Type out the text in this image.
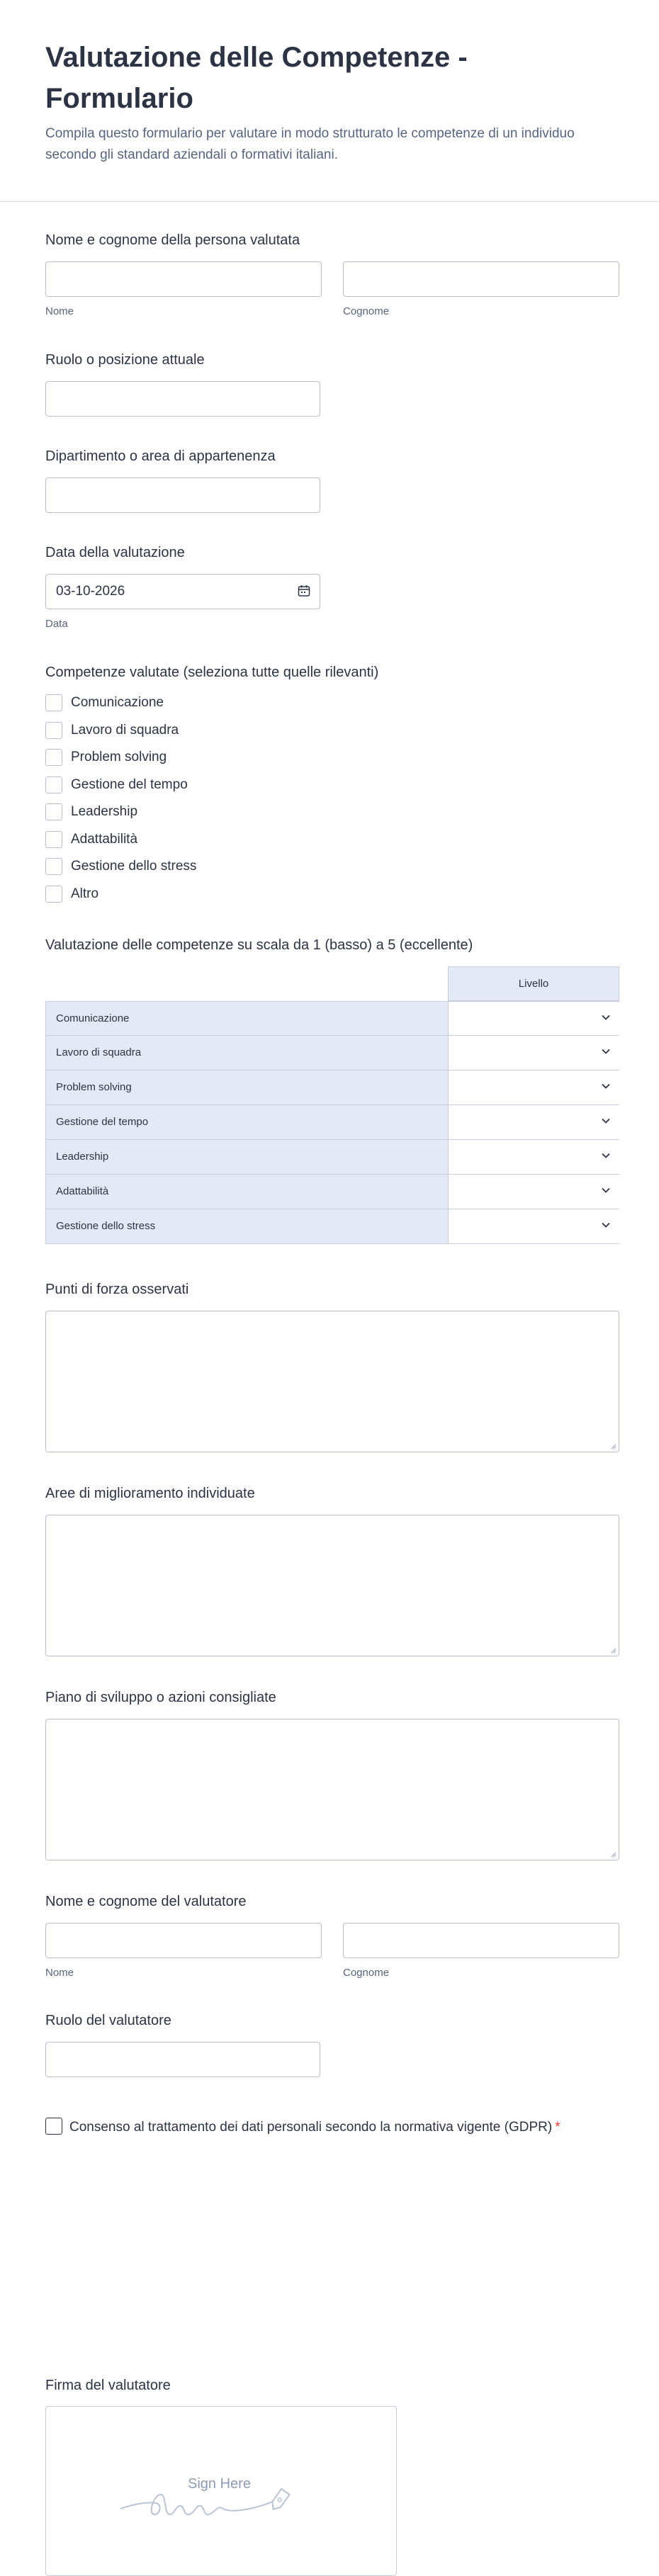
Valutazione delle Competenze - Formulario

Compila questo formulario per valutare in modo strutturato le competenze di un individuo secondo gli standard aziendali o formativi italiani.

Nome e cognome della persona valutata
Nome	Cognome
Ruolo o posizione attuale
Dipartimento o area di appartenenza
Data della valutazione
03-10-2026
Data
Competenze valutate (seleziona tutte quelle rilevanti)
Comunicazione
Lavoro di squadra
Problem solving
Gestione del tempo
Leadership
Adattabilità
Gestione dello stress
Altro
Valutazione delle competenze su scala da 1 (basso) a 5 (eccellente)
Livello
Comunicazione
Lavoro di squadra
Problem solving
Gestione del tempo
Leadership
Adattabilità
Gestione dello stress
Punti di forza osservati
Aree di miglioramento individuate
Piano di sviluppo o azioni consigliate
Nome e cognome del valutatore
Nome	Cognome
Ruolo del valutatore
Consenso al trattamento dei dati personali secondo la normativa vigente (GDPR) *
Firma del valutatore
Sign Here
